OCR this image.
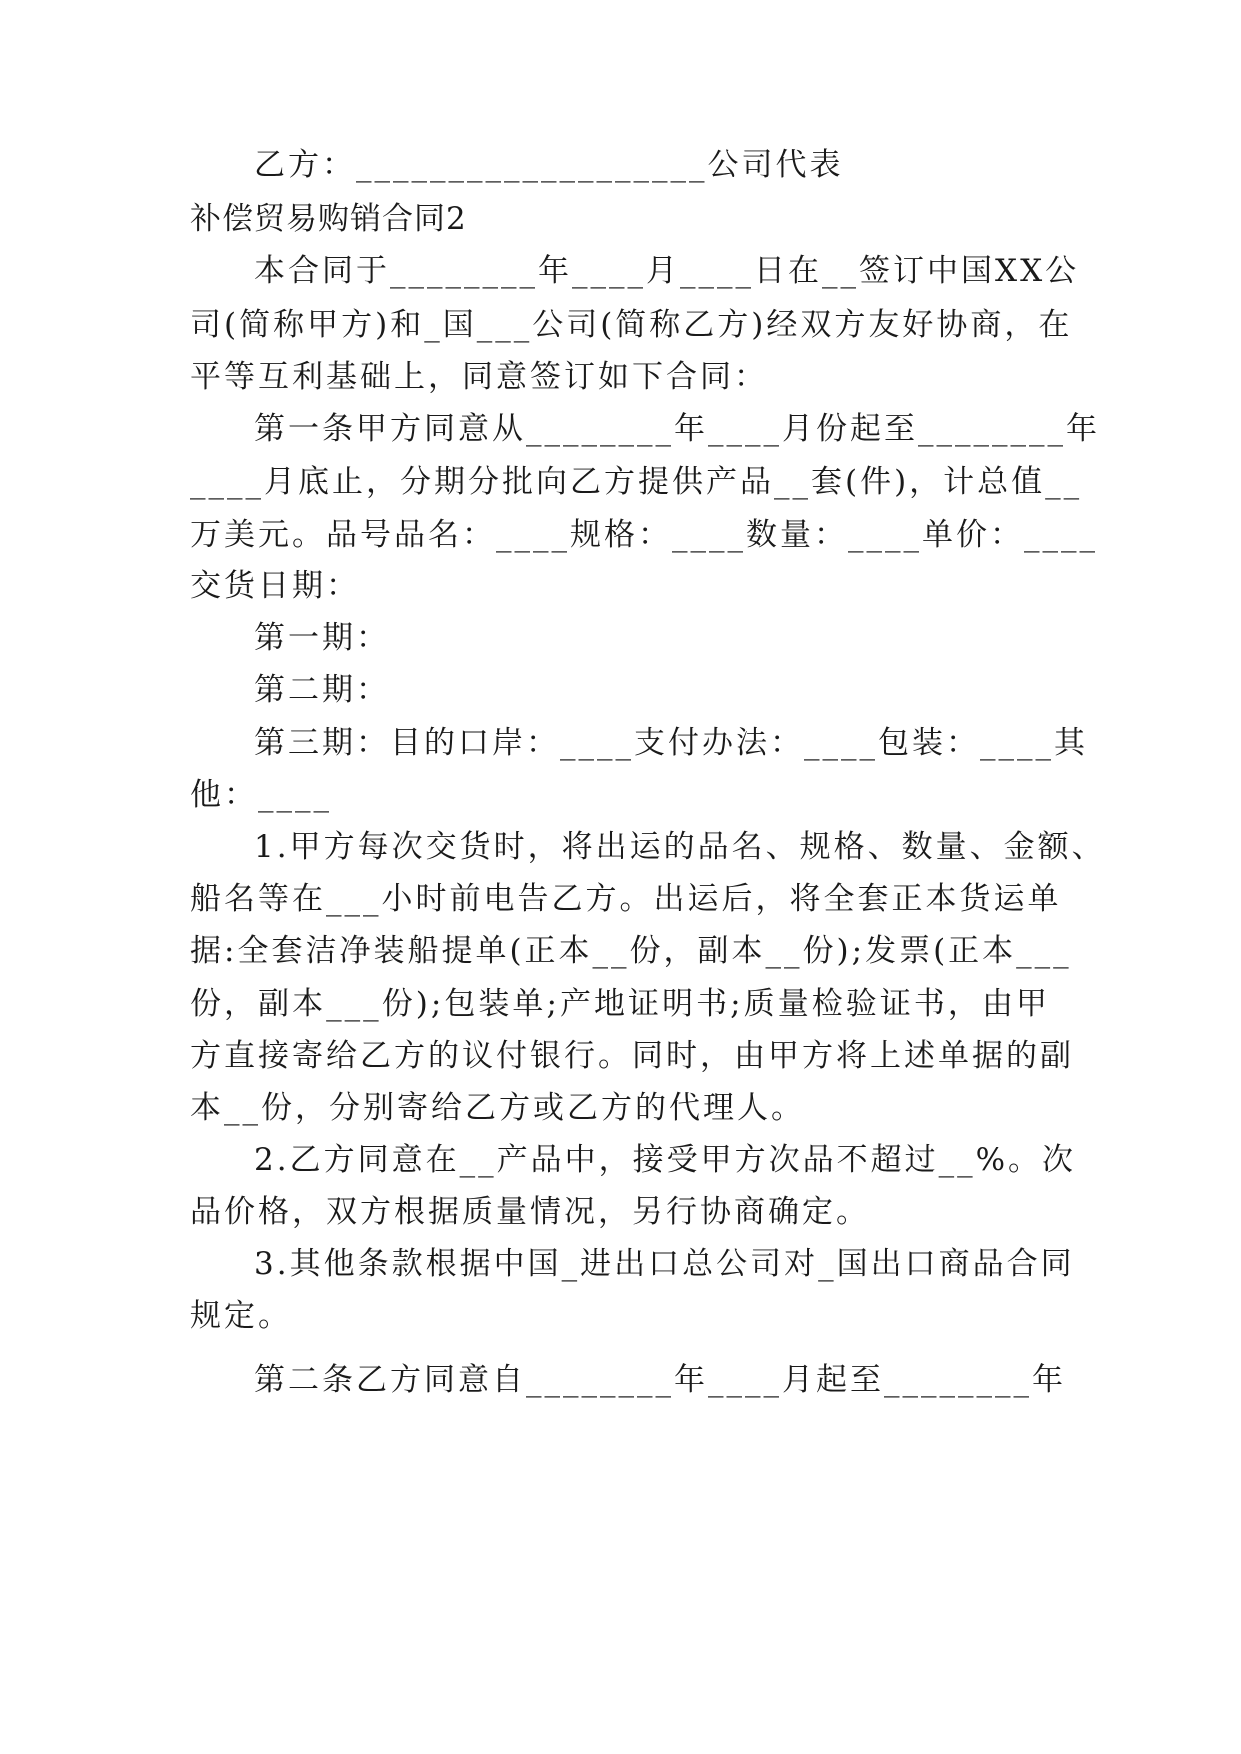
乙方：___________________公司代表
补偿贸易购销合同2
本合同于________年____月____日在__签订中国XX公
司(简称甲方)和_国___公司(简称乙方)经双方友好协商，在
平等互利基础上，同意签订如下合同：
第一条甲方同意从________年____月份起至________年
____月底止，分期分批向乙方提供产品__套(件)，计总值__
万美元。品号品名：____规格：____数量：____单价：____
交货日期：
第一期：
第二期：
第三期：目的口岸：____支付办法：____包装：____其
他：____
1.甲方每次交货时，将出运的品名、规格、数量、金额、
船名等在___小时前电告乙方。出运后，将全套正本货运单
据:全套洁净装船提单(正本__份，副本__份);发票(正本___
份，副本___份);包装单;产地证明书;质量检验证书，由甲
方直接寄给乙方的议付银行。同时，由甲方将上述单据的副
本__份，分别寄给乙方或乙方的代理人。
2.乙方同意在__产品中，接受甲方次品不超过__%。次
品价格，双方根据质量情况，另行协商确定。
3.其他条款根据中国_进出口总公司对_国出口商品合同
规定。
第二条乙方同意自________年____月起至________年
